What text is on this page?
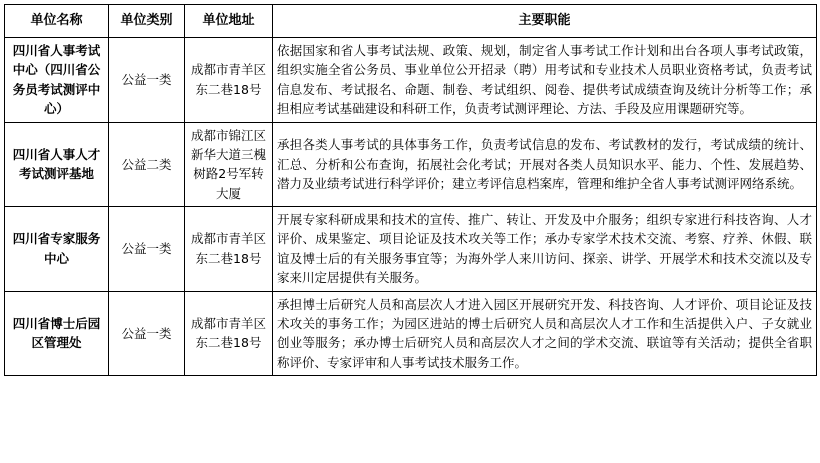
单位名称	单位类别	单位地址	主要职能
四川省人事考试中心（四川省公务员考试测评中心）	公益一类	成都市青羊区东二巷18号	依据国家和省人事考试法规、政策、规划，制定省人事考试工作计划和出台各项人事考试政策，组织实施全省公务员、事业单位公开招录（聘）用考试和专业技术人员职业资格考试，负责考试信息发布、考试报名、命题、制卷、考试组织、阅卷、提供考试成绩查询及统计分析等工作；承担相应考试基础建设和科研工作，负责考试测评理论、方法、手段及应用课题研究等。
四川省人事人才考试测评基地	公益二类	成都市锦江区新华大道三槐树路2号军转大厦	承担各类人事考试的具体事务工作，负责考试信息的发布、考试教材的发行，考试成绩的统计、汇总、分析和公布查询，拓展社会化考试；开展对各类人员知识水平、能力、个性、发展趋势、潜力及业绩考试进行科学评价；建立考评信息档案库，管理和维护全省人事考试测评网络系统。
四川省专家服务中心	公益一类	成都市青羊区东二巷18号	开展专家科研成果和技术的宣传、推广、转让、开发及中介服务；组织专家进行科技咨询、人才评价、成果鉴定、项目论证及技术攻关等工作；承办专家学术技术交流、考察、疗养、休假、联谊及博士后的有关服务事宜等；为海外学人来川访问、探亲、讲学、开展学术和技术交流以及专家来川定居提供有关服务。
四川省博士后园区管理处	公益一类	成都市青羊区东二巷18号	承担博士后研究人员和高层次人才进入园区开展研究开发、科技咨询、人才评价、项目论证及技术攻关的事务工作；为园区进站的博士后研究人员和高层次人才工作和生活提供入户、子女就业创业等服务；承办博士后研究人员和高层次人才之间的学术交流、联谊等有关活动；提供全省职称评价、专家评审和人事考试技术服务工作。
